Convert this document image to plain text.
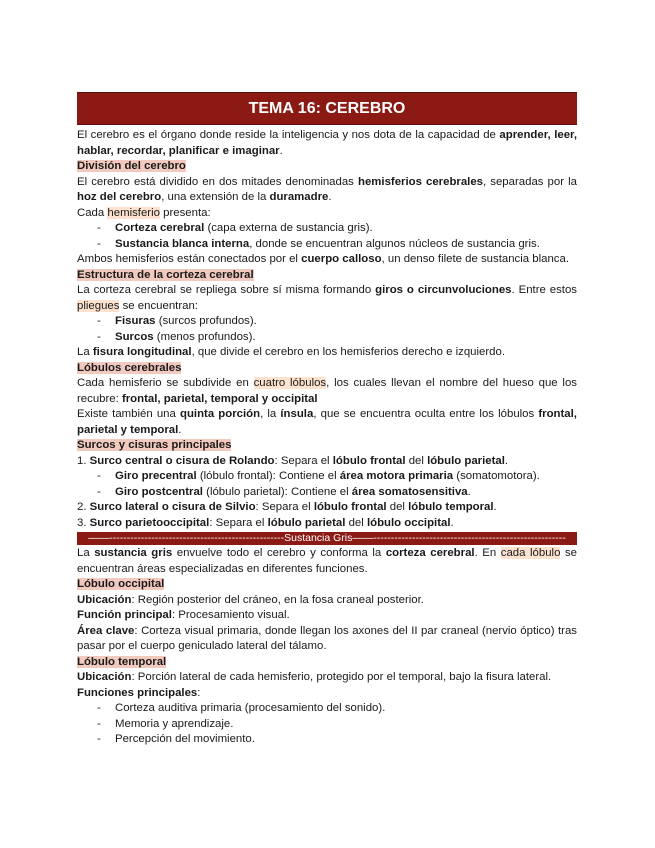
TEMA 16: CEREBRO

El cerebro es el órgano donde reside la inteligencia y nos dota de la capacidad de aprender, leer, hablar, recordar, planificar e imaginar.

División del cerebro

El cerebro está dividido en dos mitades denominadas hemisferios cerebrales, separadas por la hoz del cerebro, una extensión de la duramadre.

Cada hemisferio presenta:

- Corteza cerebral (capa externa de sustancia gris).
- Sustancia blanca interna, donde se encuentran algunos núcleos de sustancia gris.

Ambos hemisferios están conectados por el cuerpo calloso, un denso filete de sustancia blanca.

Estructura de la corteza cerebral

La corteza cerebral se repliega sobre sí misma formando giros o circunvoluciones. Entre estos pliegues se encuentran:

- Fisuras (surcos profundos).
- Surcos (menos profundos).

La fisura longitudinal, que divide el cerebro en los hemisferios derecho e izquierdo.

Lóbulos cerebrales

Cada hemisferio se subdivide en cuatro lóbulos, los cuales llevan el nombre del hueso que los recubre: frontal, parietal, temporal y occipital

Existe también una quinta porción, la ínsula, que se encuentra oculta entre los lóbulos frontal, parietal y temporal.

Surcos y cisuras principales

1. Surco central o cisura de Rolando: Separa el lóbulo frontal del lóbulo parietal.

- Giro precentral (lóbulo frontal): Contiene el área motora primaria (somatomotora).
- Giro postcentral (lóbulo parietal): Contiene el área somatosensitiva.

2. Surco lateral o cisura de Silvio: Separa el lóbulo frontal del lóbulo temporal.

3. Surco parietooccipital: Separa el lóbulo parietal del lóbulo occipital.

——--------------------------------------------------Sustancia Gris——-------------------------------------------------------

La sustancia gris envuelve todo el cerebro y conforma la corteza cerebral. En cada lóbulo se encuentran áreas especializadas en diferentes funciones.

Lóbulo occipital

Ubicación: Región posterior del cráneo, en la fosa craneal posterior.

Función principal: Procesamiento visual.

Área clave: Corteza visual primaria, donde llegan los axones del II par craneal (nervio óptico) tras pasar por el cuerpo geniculado lateral del tálamo.

Lóbulo temporal

Ubicación: Porción lateral de cada hemisferio, protegido por el temporal, bajo la fisura lateral.

Funciones principales:

- Corteza auditiva primaria (procesamiento del sonido).
- Memoria y aprendizaje.
- Percepción del movimiento.
